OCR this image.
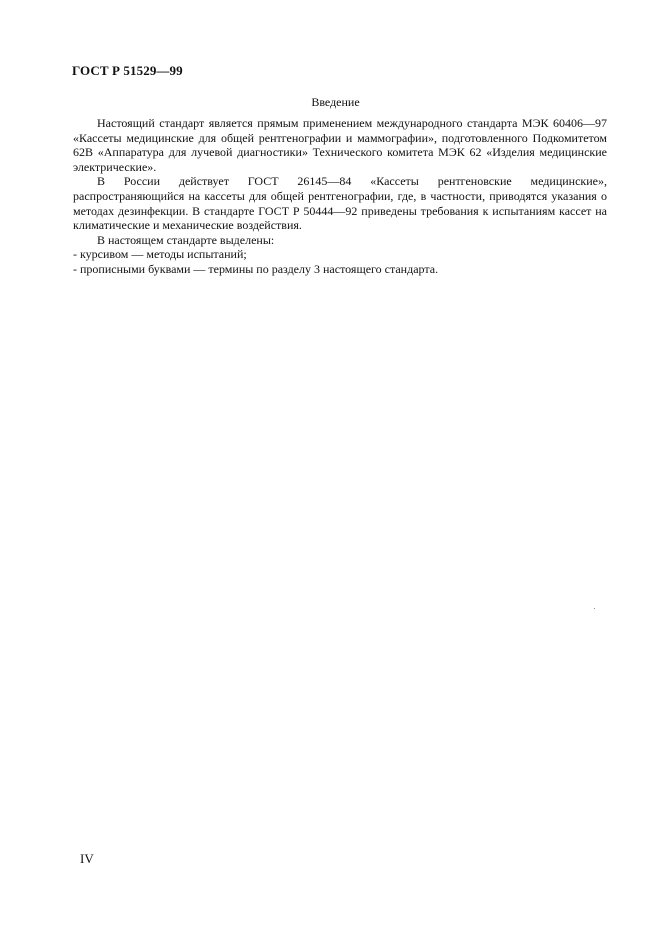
ГОСТ Р 51529—99
Введение

Настоящий стандарт является прямым применением международного стандарта МЭК 60406—97 «Кассеты медицинские для общей рентгенографии и маммографии», подготовленного Подкомитетом 62В «Аппаратура для лучевой диагностики» Технического комитета МЭК 62 «Изделия медицинские электрические».

В России действует ГОСТ 26145—84 «Кассеты рентгеновские медицинские», распространяющийся на кассеты для общей рентгенографии, где, в частности, приводятся указания о методах дезинфекции. В стандарте ГОСТ Р 50444—92 приведены требования к испытаниям кассет на климатические и механические воздействия.

В настоящем стандарте выделены:

- курсивом — методы испытаний;

- прописными буквами — термины по разделу 3 настоящего стандарта.

IV
